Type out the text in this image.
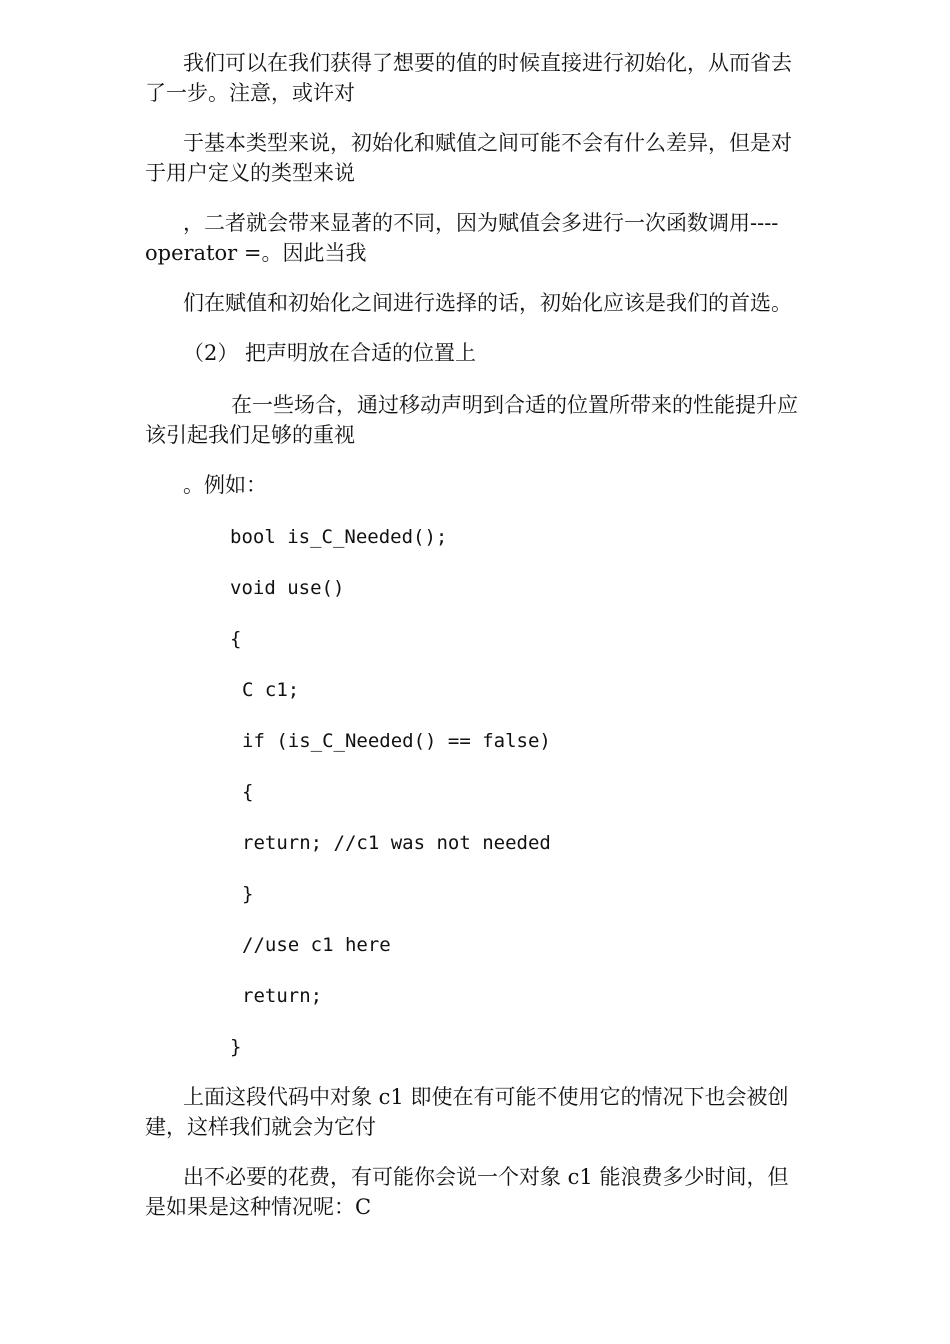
我们可以在我们获得了想要的值的时候直接进行初始化，从而省去
了一步。注意，或许对
于基本类型来说，初始化和赋值之间可能不会有什么差异，但是对
于用户定义的类型来说
，二者就会带来显著的不同，因为赋值会多进行一次函数调用----
operator =。因此当我
们在赋值和初始化之间进行选择的话，初始化应该是我们的首选。
（2） 把声明放在合适的位置上
在一些场合，通过移动声明到合适的位置所带来的性能提升应
该引起我们足够的重视
。例如：
bool is_C_Needed();
void use()
{
C c1;
if (is_C_Needed() == false)
{
return; //c1 was not needed
}
//use c1 here
return;
}
上面这段代码中对象 c1 即使在有可能不使用它的情况下也会被创
建，这样我们就会为它付
出不必要的花费，有可能你会说一个对象 c1 能浪费多少时间，但
是如果是这种情况呢：C
